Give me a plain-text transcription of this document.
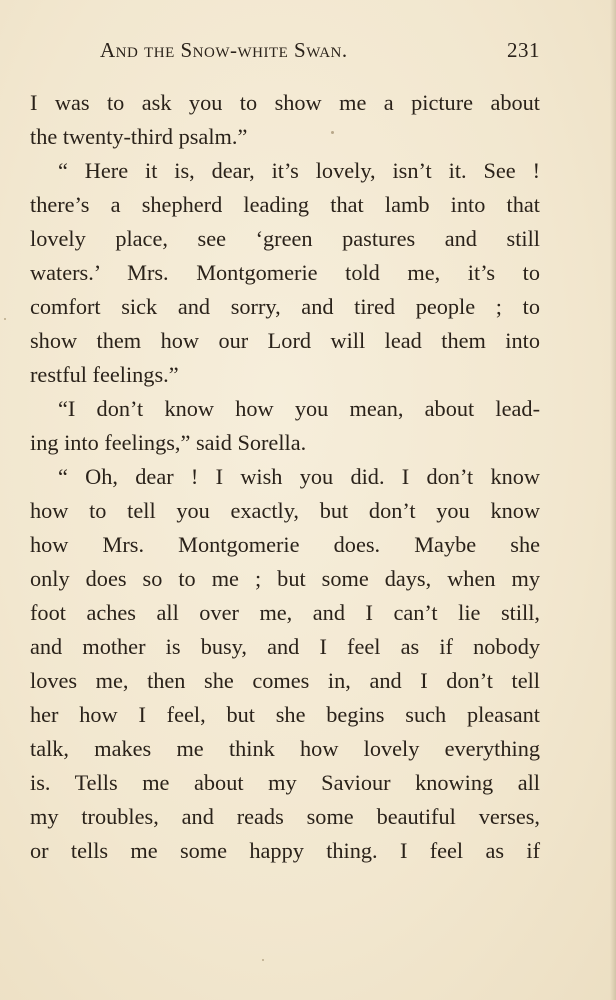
And the Snow-white Swan.	231
I was to ask you to show me a picture about
the twenty-third psalm.”
“ Here it is, dear, it’s lovely, isn’t it. See !
there’s a shepherd leading that lamb into that
lovely place, see ‘green pastures and still
waters.’ Mrs. Montgomerie told me, it’s to
comfort sick and sorry, and tired people ; to
show them how our Lord will lead them into
restful feelings.”
“I don’t know how you mean, about lead-
ing into feelings,” said Sorella.
“ Oh, dear ! I wish you did. I don’t know
how to tell you exactly, but don’t you know
how Mrs. Montgomerie does. Maybe she
only does so to me ; but some days, when my
foot aches all over me, and I can’t lie still,
and mother is busy, and I feel as if nobody
loves me, then she comes in, and I don’t tell
her how I feel, but she begins such pleasant
talk, makes me think how lovely everything
is. Tells me about my Saviour knowing all
my troubles, and reads some beautiful verses,
or tells me some happy thing. I feel as if
